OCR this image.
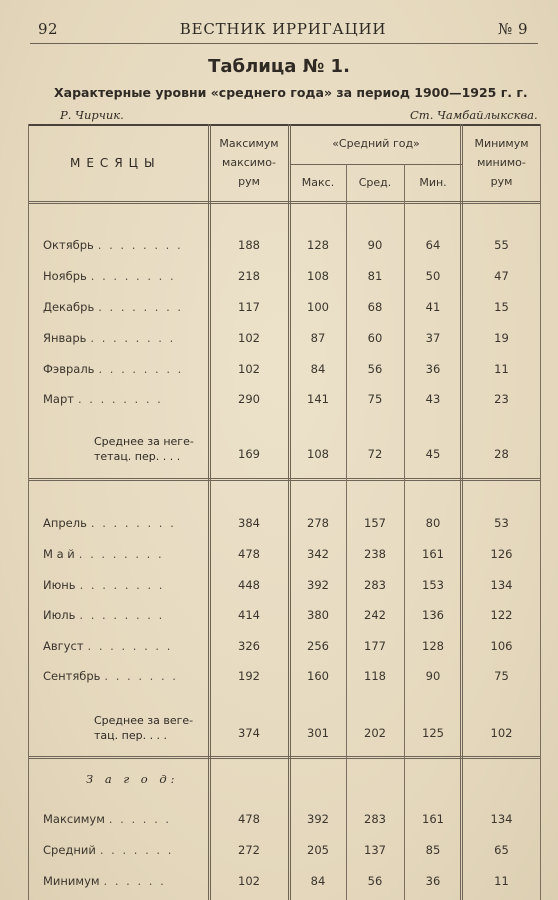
92	ВЕСТНИК ИРРИГАЦИИ	№ 9
Таблица № 1.
Характерные уровни «среднего года» за период 1900—1925 г. г.
Р. Чирчик.	Ст. Чамбайлыксква.
МЕСЯЦЫ
Максимум
максимо-
рум
«Средний год»
Макс.	Сред.	Мин.
Минимум
минимо-
рум
З а г о д:
Октябрь . . . . . . . .	188	128	90	64	55
Ноябрь . . . . . . . .	218	108	81	50	47
Декабрь . . . . . . . .	117	100	68	41	15
Январь . . . . . . . .	102	87	60	37	19
Фэвраль . . . . . . . .	102	84	56	36	11
Март . . . . . . . .	290	141	75	43	23
Среднее за неге-
тетац. пер. . . .	169	108	72	45	28
Апрель . . . . . . . .	384	278	157	80	53
М а й . . . . . . . .	478	342	238	161	126
Июнь . . . . . . . .	448	392	283	153	134
Июль . . . . . . . .	414	380	242	136	122
Август . . . . . . . .	326	256	177	128	106
Сентябрь . . . . . . .	192	160	118	90	75
Среднее за веге-
тац. пер. . . .	374	301	202	125	102
Максимум . . . . . .	478	392	283	161	134
Средний . . . . . . .	272	205	137	85	65
Минимум . . . . . .	102	84	56	36	11
